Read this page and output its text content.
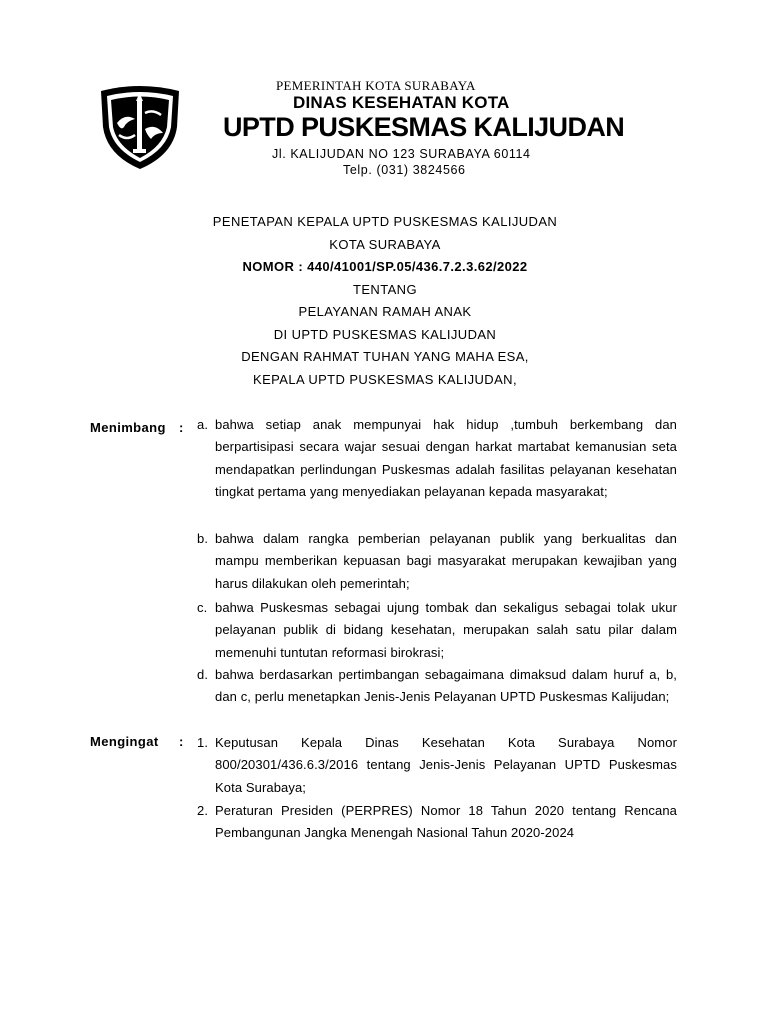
PEMERINTAH KOTA SURABAYA
DINAS KESEHATAN KOTA
UPTD PUSKESMAS KALIJUDAN
Jl. KALIJUDAN NO 123 SURABAYA 60114
Telp. (031) 3824566
PENETAPAN KEPALA UPTD PUSKESMAS KALIJUDAN
KOTA SURABAYA
NOMOR : 440/41001/SP.05/436.7.2.3.62/2022
TENTANG
PELAYANAN RAMAH ANAK
DI UPTD PUSKESMAS KALIJUDAN
DENGAN RAHMAT TUHAN YANG MAHA ESA,
KEPALA UPTD PUSKESMAS KALIJUDAN,
Menimbang : a. bahwa setiap anak mempunyai hak hidup ,tumbuh berkembang dan berpartisipasi secara wajar sesuai dengan harkat martabat kemanusian seta mendapatkan perlindungan Puskesmas adalah fasilitas pelayanan kesehatan tingkat pertama yang menyediakan pelayanan kepada masyarakat;
b. bahwa dalam rangka pemberian pelayanan publik yang berkualitas dan mampu memberikan kepuasan bagi masyarakat merupakan kewajiban yang harus dilakukan oleh pemerintah;
c. bahwa Puskesmas sebagai ujung tombak dan sekaligus sebagai tolak ukur pelayanan publik di bidang kesehatan, merupakan salah satu pilar dalam memenuhi tuntutan reformasi birokrasi;
d. bahwa berdasarkan pertimbangan sebagaimana dimaksud dalam huruf a, b, dan c, perlu menetapkan Jenis-Jenis Pelayanan UPTD Puskesmas Kalijudan;
Mengingat : 1. Keputusan Kepala Dinas Kesehatan Kota Surabaya Nomor 800/20301/436.6.3/2016 tentang Jenis-Jenis Pelayanan UPTD Puskesmas Kota Surabaya;
2. Peraturan Presiden (PERPRES) Nomor 18 Tahun 2020 tentang Rencana Pembangunan Jangka Menengah Nasional Tahun 2020-2024
